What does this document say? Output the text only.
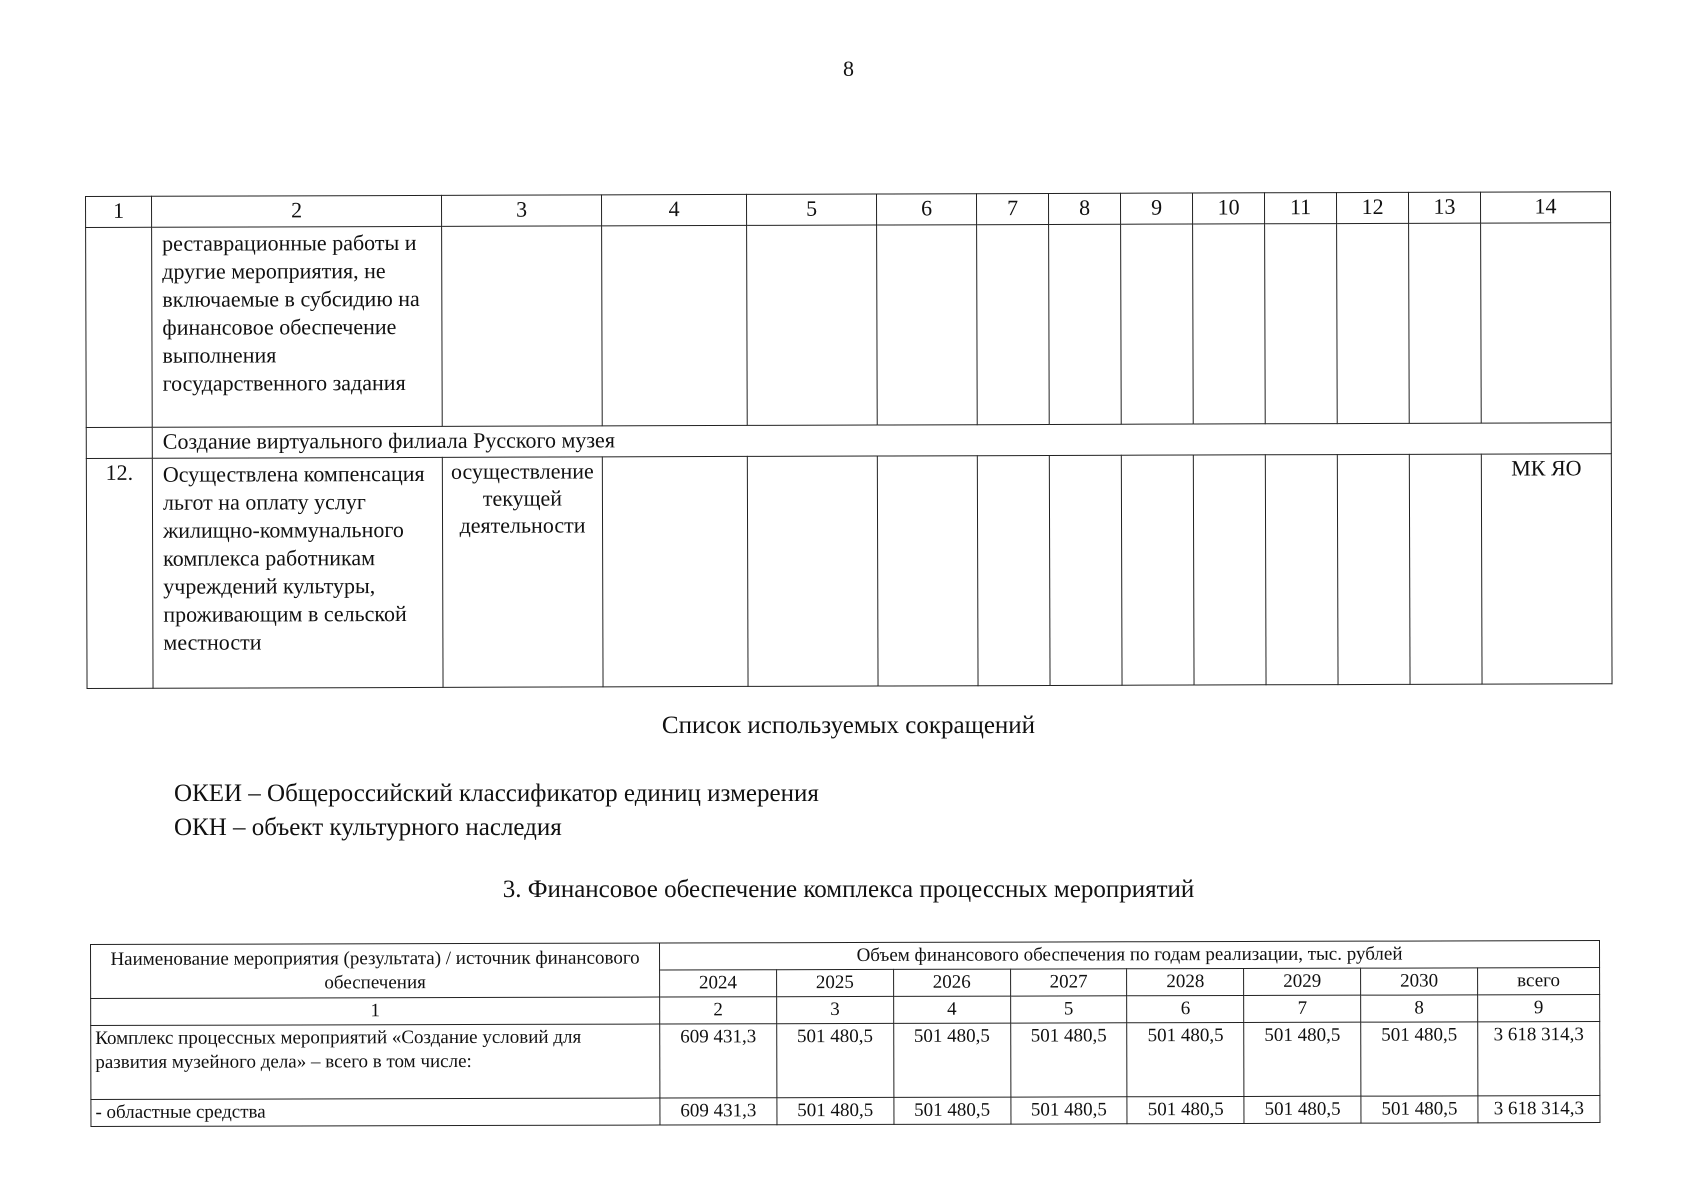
8
1	2	3	4	5	6	7	8	9	10	11	12	13	14
	реставрационные работы и другие мероприятия, не включаемые в субсидию на финансовое обеспечение выполнения государственного задания												
	Создание виртуального филиала Русского музея												
12.	Осуществлена компенсация льгот на оплату услуг жилищно-коммунального комплекса работникам учреждений культуры, проживающим в сельской местности	осуществление текущей деятельности											МК ЯО
Список используемых сокращений
ОКЕИ – Общероссийский классификатор единиц измерения
ОКН – объект культурного наследия
3. Финансовое обеспечение комплекса процессных мероприятий
Наименование мероприятия (результата) / источник финансового обеспечения	Объем финансового обеспечения по годам реализации, тыс. рублей							
	2024	2025	2026	2027	2028	2029	2030	всего
1	2	3	4	5	6	7	8	9
Комплекс процессных мероприятий «Создание условий для развития музейного дела» – всего в том числе:	609 431,3	501 480,5	501 480,5	501 480,5	501 480,5	501 480,5	501 480,5	3 618 314,3
- областные средства	609 431,3	501 480,5	501 480,5	501 480,5	501 480,5	501 480,5	501 480,5	3 618 314,3
